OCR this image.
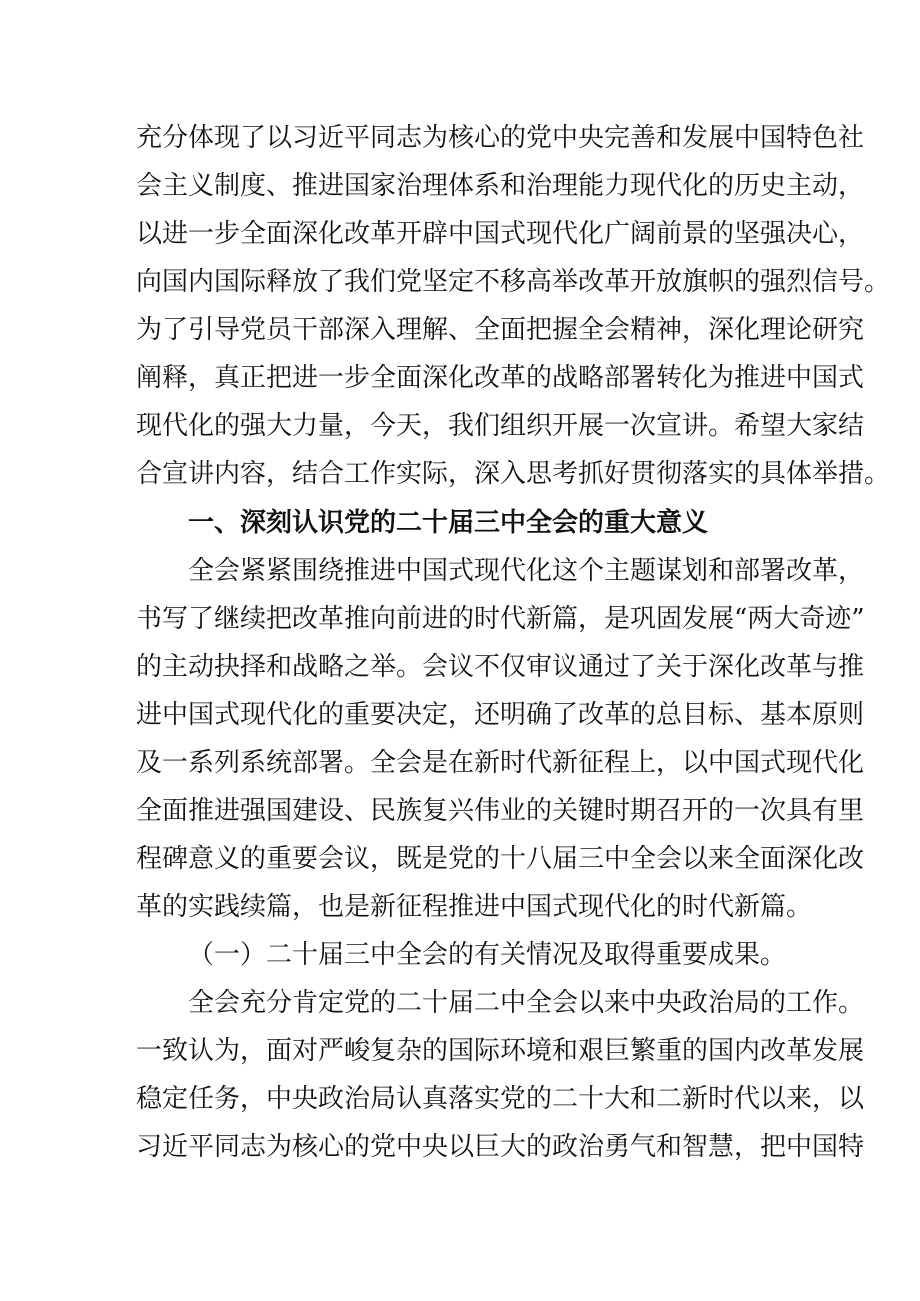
充分体现了以习近平同志为核心的党中央完善和发展中国特色社
会主义制度、推进国家治理体系和治理能力现代化的历史主动，
以进一步全面深化改革开辟中国式现代化广阔前景的坚强决心，
向国内国际释放了我们党坚定不移高举改革开放旗帜的强烈信号。
为了引导党员干部深入理解、全面把握全会精神，深化理论研究
阐释，真正把进一步全面深化改革的战略部署转化为推进中国式
现代化的强大力量，今天，我们组织开展一次宣讲。希望大家结
合宣讲内容，结合工作实际，深入思考抓好贯彻落实的具体举措。
一、深刻认识党的二十届三中全会的重大意义
全会紧紧围绕推进中国式现代化这个主题谋划和部署改革，
书写了继续把改革推向前进的时代新篇，是巩固发展“两大奇迹”
的主动抉择和战略之举。会议不仅审议通过了关于深化改革与推
进中国式现代化的重要决定，还明确了改革的总目标、基本原则
及一系列系统部署。全会是在新时代新征程上，以中国式现代化
全面推进强国建设、民族复兴伟业的关键时期召开的一次具有里
程碑意义的重要会议，既是党的十八届三中全会以来全面深化改
革的实践续篇，也是新征程推进中国式现代化的时代新篇。
（一）二十届三中全会的有关情况及取得重要成果。
全会充分肯定党的二十届二中全会以来中央政治局的工作。
一致认为，面对严峻复杂的国际环境和艰巨繁重的国内改革发展
稳定任务，中央政治局认真落实党的二十大和二新时代以来，以
习近平同志为核心的党中央以巨大的政治勇气和智慧，把中国特
